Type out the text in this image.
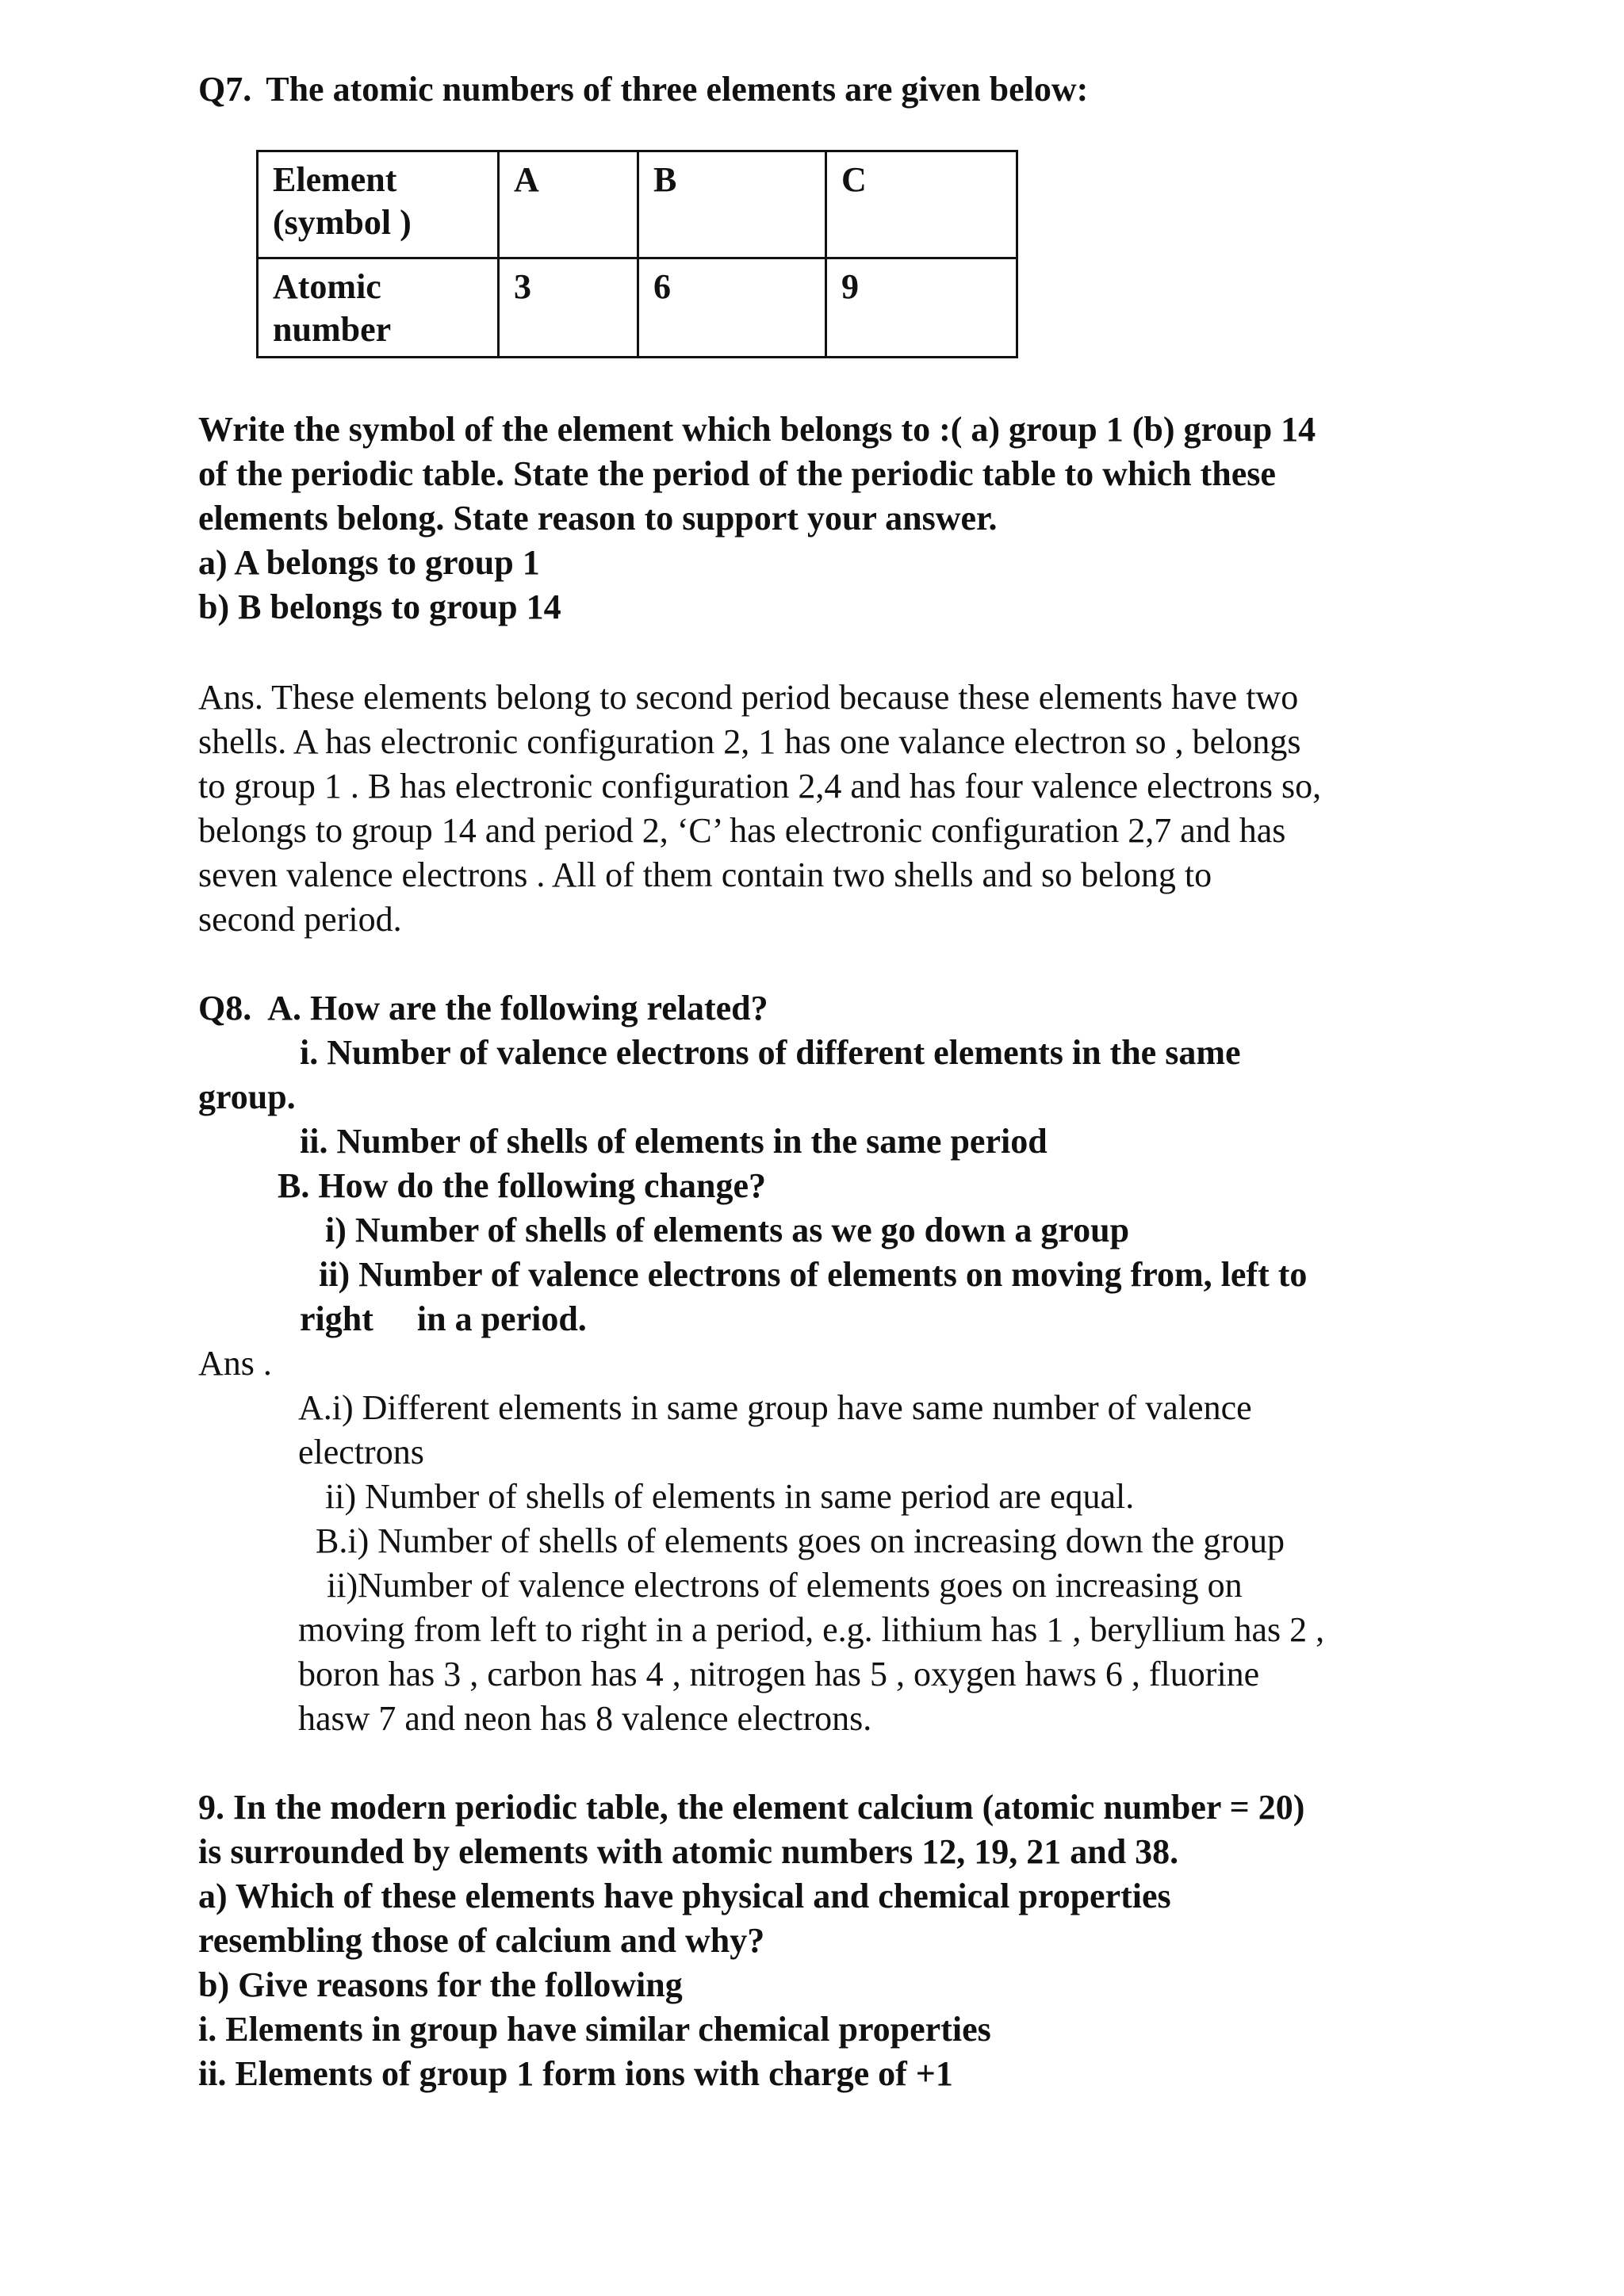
Q7. The atomic numbers of three elements are given below:

Element
(symbol )	A	B	C

Atomic
number	3	6	9

Write the symbol of the element which belongs to :( a) group 1 (b) group 14

of the periodic table. State the period of the periodic table to which these

elements belong. State reason to support your answer.

a) A belongs to group 1

b) B belongs to group 14

Ans. These elements belong to second period because these elements have two

shells. A has electronic configuration 2, 1 has one valance electron so , belongs

to group 1 . B has electronic configuration 2,4 and has four valence electrons so,

belongs to group 14 and period 2, ‘C’ has electronic configuration 2,7 and has

seven valence electrons . All of them contain two shells and so belong to

second period.

Q8. A. How are the following related?

i. Number of valence electrons of different elements in the same

group.

ii. Number of shells of elements in the same period

B. How do the following change?

i) Number of shells of elements as we go down a group

ii) Number of valence electrons of elements on moving from, left to

right     in a period.

Ans .

A.i) Different elements in same group have same number of valence

electrons

ii) Number of shells of elements in same period are equal.

B.i) Number of shells of elements goes on increasing down the group

ii)Number of valence electrons of elements goes on increasing on

moving from left to right in a period, e.g. lithium has 1 , beryllium has 2 ,

boron has 3 , carbon has 4 , nitrogen has 5 , oxygen haws 6 , fluorine

hasw 7 and neon has 8 valence electrons.

9. In the modern periodic table, the element calcium (atomic number = 20)

is surrounded by elements with atomic numbers 12, 19, 21 and 38.

a) Which of these elements have physical and chemical properties

resembling those of calcium and why?

b) Give reasons for the following

i. Elements in group have similar chemical properties

ii. Elements of group 1 form ions with charge of +1
